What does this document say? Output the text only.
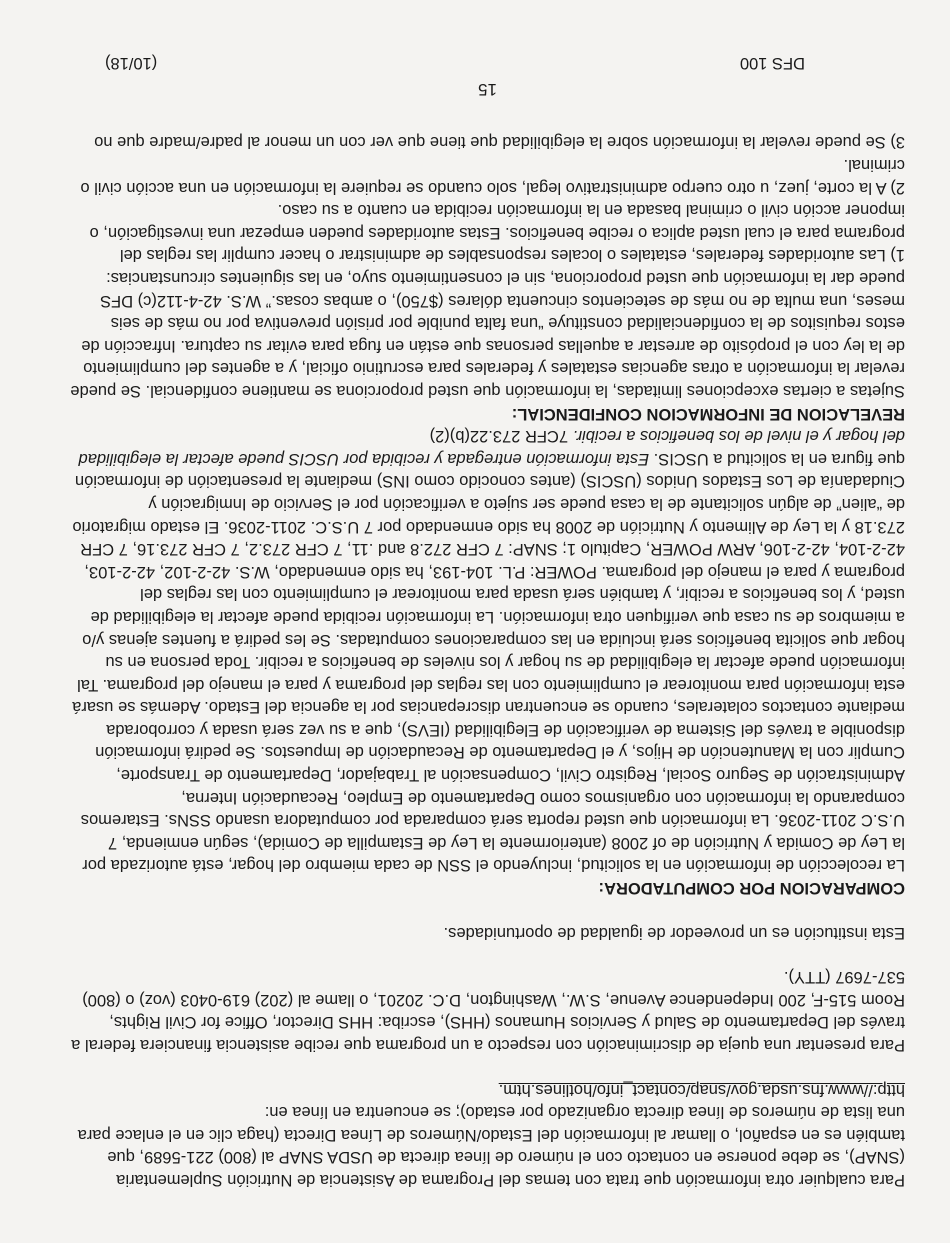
Para cualquier otra información que trata con temas del Programa de Asistencia de Nutrición Suplementaria (SNAP), se debe ponerse en contacto con el número de línea directa de USDA SNAP al (800) 221-5689, que también es en español, o llamar al información del Estado/Números de Línea Directa (haga clic en el enlace para una lista de números de línea directa organizado por estado); se encuentra en línea en:

http://www.fns.usda.gov/snap/contact_info/hotlines.htm.

Para presentar una queja de discriminación con respecto a un programa que recibe asistencia financiera federal a través del Departamento de Salud y Servicios Humanos (HHS), escriba: HHS Director, Office for Civil Rights, Room 515-F, 200 Independence Avenue, S.W., Washington, D.C. 20201, o llame al (202) 619-0403 (voz) o (800) 537-7697 (TTY).

Esta institución es un proveedor de igualdad de oportunidades.

COMPARACION POR COMPUTADORA:

La recolección de información en la solicitud, incluyendo el SSN de cada miembro del hogar, está autorizada por la Ley de Comida y Nutrición de of 2008 (anteriormente la Ley de Estampilla de Comida), según enmienda, 7 U.S.C 2011-2036. La información que usted reporta será comparada por computadora usando SSNs. Estaremos comparando la información con organismos como Departamento de Empleo, Recaudación Interna, Administración de Seguro Social, Registro Civil, Compensación al Trabajador, Departamento de Transporte, Cumplir con la Manutención de Hijos, y el Departamento de Recaudación de Impuestos. Se pedirá información disponible a través del Sistema de verificación de Elegibilidad (IEVS), que a su vez será usada y corroborada mediante contactos colaterales, cuando se encuentran discrepancias por la agencia del Estado. Además se usará esta información para monitorear el cumplimiento con las reglas del programa y para el manejo del programa. Tal información puede afectar la elegibilidad de su hogar y los niveles de beneficios a recibir. Toda persona en su hogar que solicita beneficios será incluida en las comparaciones computadas. Se les pedirá a fuentes ajenas y/o a miembros de su casa que verifiquen otra información. La información recibida puede afectar la elegibilidad de usted, y los beneficios a recibir, y también será usada para monitorear el cumplimiento con las reglas del programa y para el manejo del programa. POWER: P.L. 104-193, ha sido enmendado, W.S. 42-2-102, 42-2-103, 42-2-104, 42-2-106, ARW POWER, Capitulo 1; SNAP: 7 CFR 272.8 and .11, 7 CFR 273.2, 7 CFR 273.16, 7 CFR 273.18 y la Ley de Alimento y Nutrición de 2008 ha sido enmendado por 7 U.S.C. 2011-2036. El estado migratorio de “alien” de algún solicitante de la casa puede ser sujeto a verificación por el Servicio de Inmigración y Ciudadanía de Los Estados Unidos (USCIS) (antes conocido como INS) mediante la presentación de información que figura en la solicitud a USCIS. Esta información entregada y recibida por USCIS puede afectar la elegibilidad del hogar y el nivel de los beneficios a recibir. 7CFR 273.22(b)(2)

REVELACION DE INFORMACION CONFIDENCIAL:

Sujetas a ciertas excepciones limitadas, la información que usted proporciona se mantiene confidencial. Se puede revelar la información a otras agencias estatales y federales para escrutinio oficial, y a agentes del cumplimiento de la ley con el propósito de arrestar a aquellas personas que están en fuga para evitar su captura. Infracción de estos requisitos de la confidencialidad constituye “una falta punible por prisión preventiva por no más de seis meses, una multa de no más de setecientos cincuenta dólares ($750), o ambas cosas.” W.S. 42-4-112(c) DFS puede dar la información que usted proporciona, sin el consentimiento suyo, en las siguientes circunstancias:

1) Las autoridades federales, estatales o locales responsables de administrar o hacer cumplir las reglas del programa para el cual usted aplica o recibe beneficios. Estas autoridades pueden empezar una investigación, o imponer acción civil o criminal basada en la información recibida en cuanto a su caso.

2) A la corte, juez, u otro cuerpo administrativo legal, solo cuando se requiere la información en una acción civil o criminal.

3) Se puede revelar la información sobre la elegibilidad que tiene que ver con un menor al padre/madre que no

15
DFS 100
(10/18)
